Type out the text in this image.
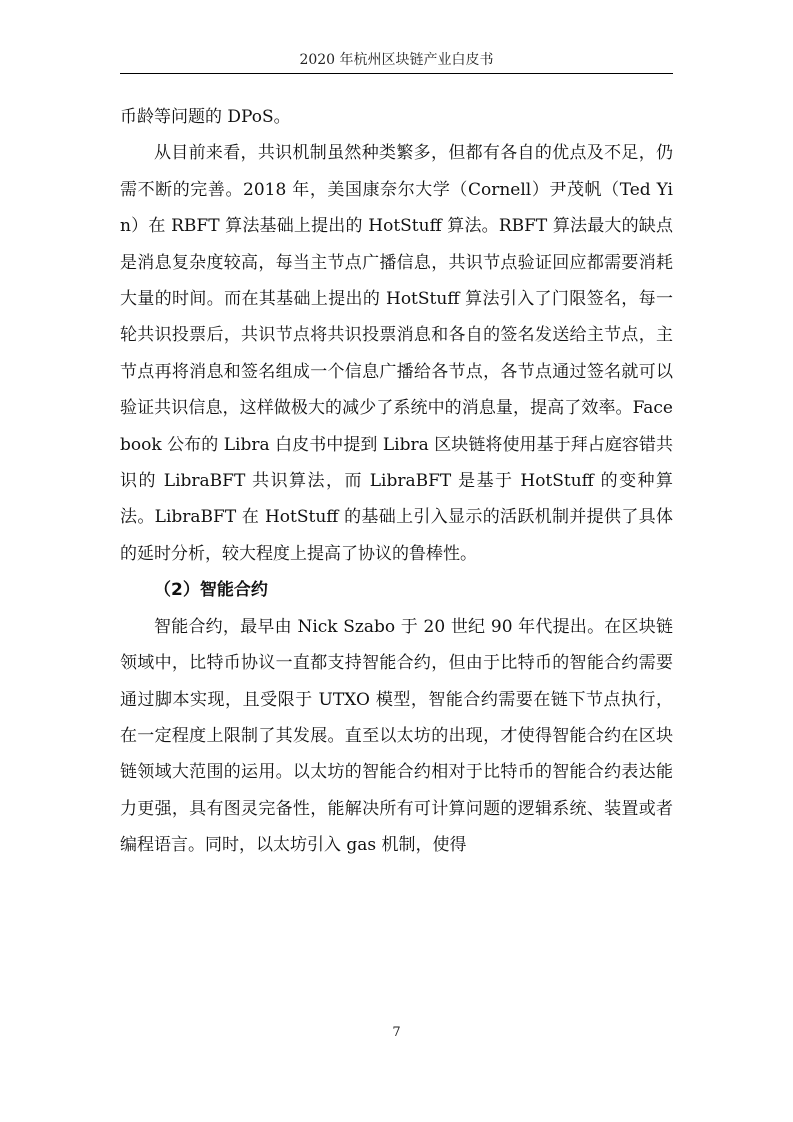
2020 年杭州区块链产业白皮书

币龄等问题的 DPoS。

从目前来看，共识机制虽然种类繁多，但都有各自的优点及不足，仍需不断的完善。2018 年，美国康奈尔大学（Cornell）尹茂帆（Ted Yin）在 RBFT 算法基础上提出的 HotStuff 算法。RBFT 算法最大的缺点是消息复杂度较高，每当主节点广播信息，共识节点验证回应都需要消耗大量的时间。而在其基础上提出的 HotStuff 算法引入了门限签名，每一轮共识投票后，共识节点将共识投票消息和各自的签名发送给主节点，主节点再将消息和签名组成一个信息广播给各节点，各节点通过签名就可以验证共识信息，这样做极大的减少了系统中的消息量，提高了效率。Facebook 公布的 Libra 白皮书中提到 Libra 区块链将使用基于拜占庭容错共识的 LibraBFT 共识算法，而 LibraBFT 是基于 HotStuff 的变种算法。LibraBFT 在 HotStuff 的基础上引入显示的活跃机制并提供了具体的延时分析，较大程度上提高了协议的鲁棒性。

（2）智能合约

智能合约，最早由 Nick Szabo 于 20 世纪 90 年代提出。在区块链领域中，比特币协议一直都支持智能合约，但由于比特币的智能合约需要通过脚本实现，且受限于 UTXO 模型，智能合约需要在链下节点执行，在一定程度上限制了其发展。直至以太坊的出现，才使得智能合约在区块链领域大范围的运用。以太坊的智能合约相对于比特币的智能合约表达能力更强，具有图灵完备性，能解决所有可计算问题的逻辑系统、装置或者编程语言。同时，以太坊引入 gas 机制，使得

7
